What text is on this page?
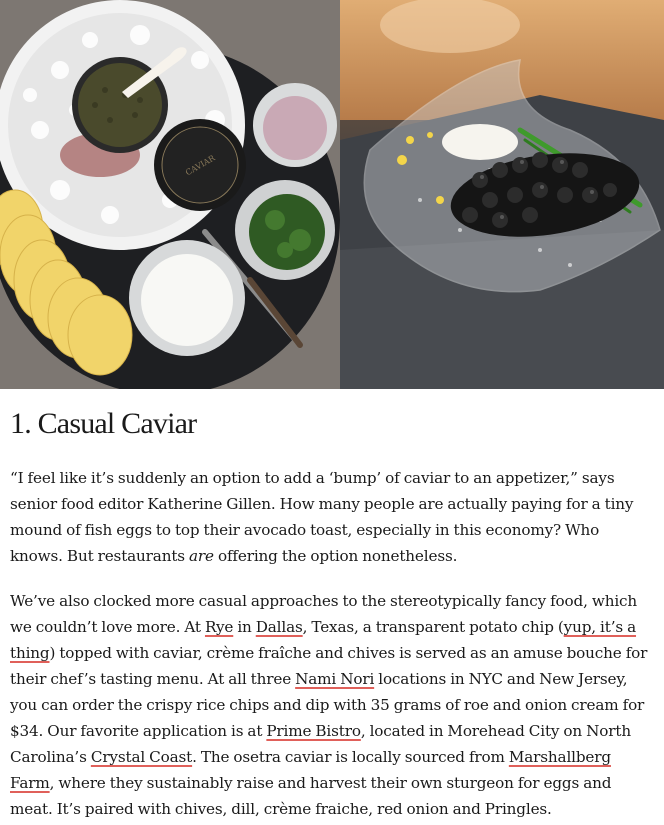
CAVIAR
1. Casual Caviar

“I feel like it’s suddenly an option to add a ‘bump’ of caviar to an appetizer,” says senior food editor Katherine Gillen. How many people are actually paying for a tiny mound of fish eggs to top their avocado toast, especially in this economy? Who knows. But restaurants are offering the option nonetheless.

We’ve also clocked more casual approaches to the stereotypically fancy food, which we couldn’t love more. At Rye in Dallas, Texas, a transparent potato chip (yup, it’s a thing) topped with caviar, crème fraîche and chives is served as an amuse bouche for their chef’s tasting menu. At all three Nami Nori locations in NYC and New Jersey, you can order the crispy rice chips and dip with 35 grams of roe and onion cream for $34. Our favorite application is at Prime Bistro, located in Morehead City on North Carolina’s Crystal Coast. The osetra caviar is locally sourced from Marshallberg Farm, where they sustainably raise and harvest their own sturgeon for eggs and meat. It’s paired with chives, dill, crème fraiche, red onion and Pringles.
